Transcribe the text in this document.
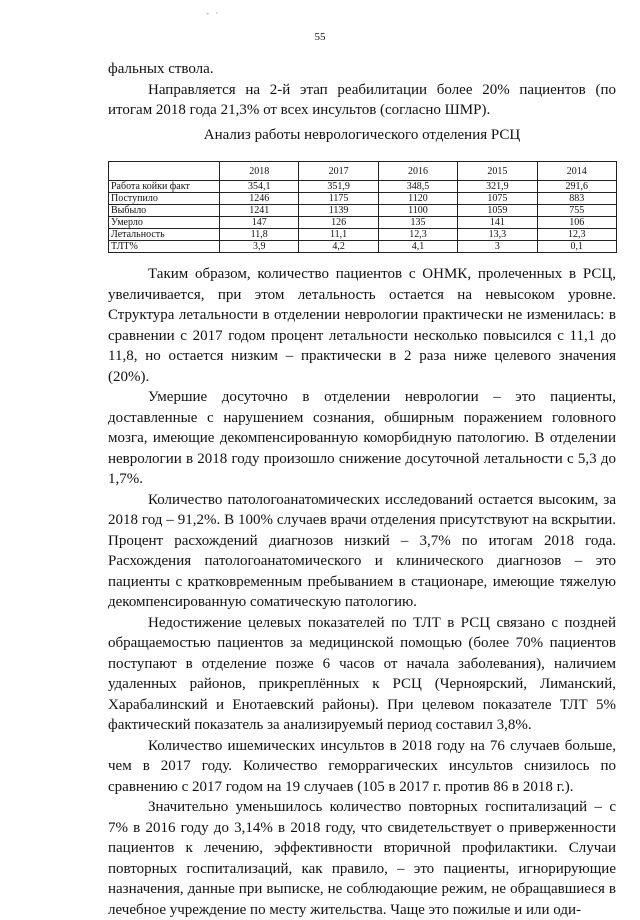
- ·
55

фальных ствола.

Направляется на 2-й этап реабилитации более 20% пациентов (по итогам 2018 года 21,3% от всех инсультов (согласно ШМР).

Анализ работы неврологического отделения РСЦ
	2018	2017	2016	2015	2014
Работа койки факт	354,1	351,9	348,5	321,9	291,6
Поступило	1246	1175	1120	1075	883
Выбыло	1241	1139	1100	1059	755
Умерло	147	126	135	141	106
Летальность	11,8	11,1	12,3	13,3	12,3
ТЛТ%	3,9	4,2	4,1	3	0,1

Таким образом, количество пациентов с ОНМК, пролеченных в РСЦ, увеличивается, при этом летальность остается на невысоком уровне. Структура летальности в отделении неврологии практически не изменилась: в сравнении с 2017 годом процент летальности несколько повысился с 11,1 до 11,8, но остается низким – практически в 2 раза ниже целевого значения (20%).

Умершие досуточно в отделении неврологии – это пациенты, доставленные с нарушением сознания, обширным поражением головного мозга, имеющие декомпенсированную коморбидную патологию. В отделении неврологии в 2018 году произошло снижение досуточной летальности с 5,3 до 1,7%.

Количество патологоанатомических исследований остается высоким, за 2018 год – 91,2%. В 100% случаев врачи отделения присутствуют на вскрытии. Процент расхождений диагнозов низкий – 3,7% по итогам 2018 года. Расхождения патологоанатомического и клинического диагнозов – это пациенты с кратковременным пребыванием в стационаре, имеющие тяжелую декомпенсированную соматическую патологию.

Недостижение целевых показателей по ТЛТ в РСЦ связано с поздней обращаемостью пациентов за медицинской помощью (более 70% пациентов поступают в отделение позже 6 часов от начала заболевания), наличием удаленных районов, прикреплённых к РСЦ (Черноярский, Лиманский, Харабалинский и Енотаевский районы). При целевом показателе ТЛТ 5% фактический показатель за анализируемый период составил 3,8%.

Количество ишемических инсультов в 2018 году на 76 случаев больше, чем в 2017 году. Количество геморрагических инсультов снизилось по сравнению с 2017 годом на 19 случаев (105 в 2017 г. против 86 в 2018 г.).

Значительно уменьшилось количество повторных госпитализаций – с 7% в 2016 году до 3,14% в 2018 году, что свидетельствует о приверженности пациентов к лечению, эффективности вторичной профилактики. Случаи повторных госпитализаций, как правило, – это пациенты, игнорирующие назначения, данные при выписке, не соблюдающие режим, не обращавшиеся в лечебное учреждение по месту жительства. Чаще это пожилые и или оди-
